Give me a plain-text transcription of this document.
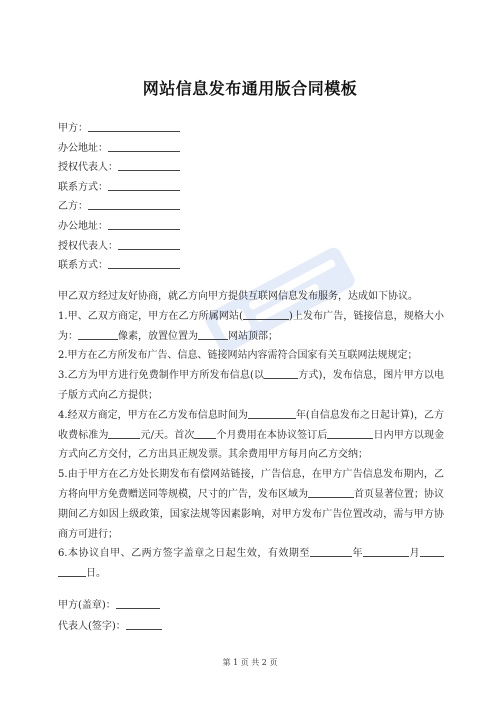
网站信息发布通用版合同模板
甲方：
办公地址：
授权代表人：
联系方式：
乙方：
办公地址：
授权代表人：
联系方式：

甲乙双方经过友好协商，就乙方向甲方提供互联网信息发布服务，达成如下协议。

1.甲、乙双方商定，甲方在乙方所属网站(	)上发布广告，链接信息，规格大小为：	像素，放置位置为	网站顶部；

2.甲方在乙方所发布广告、信息、链接网站内容需符合国家有关互联网法规规定；

3.乙方为甲方进行免费制作甲方所发布信息(以	方式)，发布信息，图片甲方以电子版方式向乙方提供；

4.经双方商定，甲方在乙方发布信息时间为	年(自信息发布之日起计算)，乙方收费标准为	元/天。首次 个月费用在本协议签订后	日内甲方以现金方式向乙方交付，乙方出具正规发票。其余费用甲方每月向乙方交纳；

5.由于甲方在乙方处长期发布有偿网站链接，广告信息，在甲方广告信息发布期内，乙方将向甲方免费赠送同等规模，尺寸的广告，发布区域为	首页显著位置；协议期间乙方如因上级政策，国家法规等因素影响，对甲方发布广告位置改动，需与甲方协商方可进行；

6.本协议自甲、乙两方签字盖章之日起生效，有效期至	年	月日。

甲方(盖章)：
代表人(签字)：
第 1 页 共 2 页
